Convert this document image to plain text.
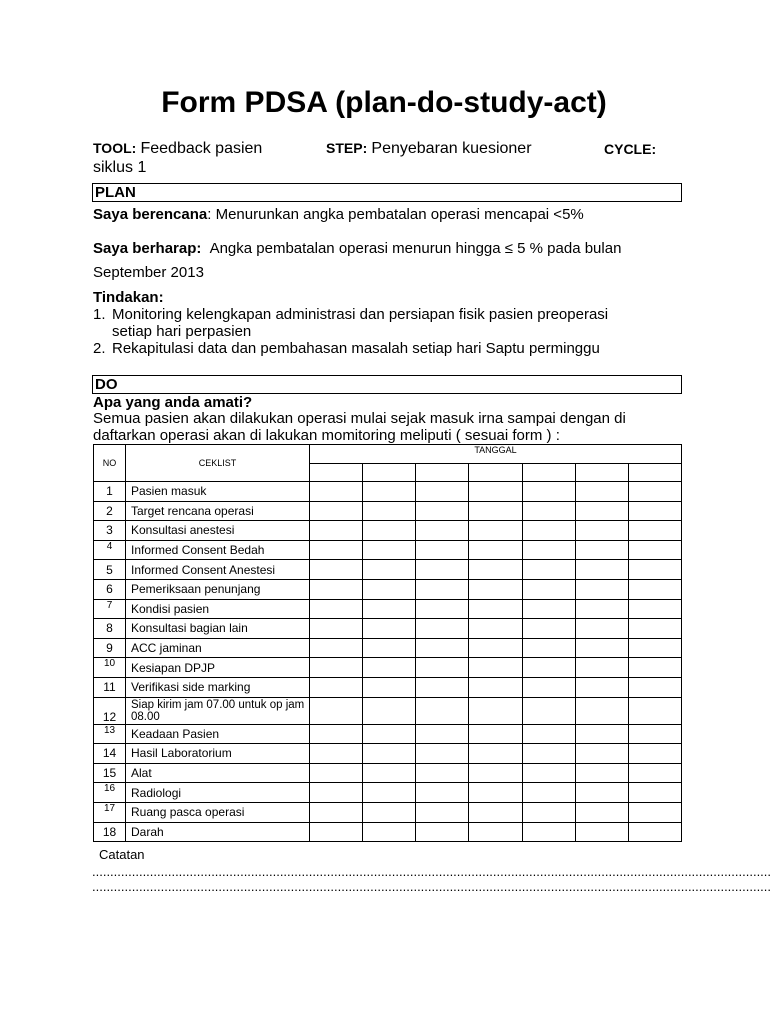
Form PDSA (plan-do-study-act)
TOOL: Feedback pasien	STEP: Penyebaran kuesioner	CYCLE:
siklus 1
PLAN
Saya berencana: Menurunkan angka pembatalan operasi mencapai <5%
Saya berharap: Angka pembatalan operasi menurun hingga ≤ 5 % pada bulan
September 2013
Tindakan:
1. Monitoring kelengkapan administrasi dan persiapan fisik pasien preoperasi
setiap hari perpasien
2. Rekapitulasi data dan pembahasan masalah setiap hari Saptu perminggu
DO
Apa yang anda amati?
Semua pasien akan dilakukan operasi mulai sejak masuk irna sampai dengan di
daftarkan operasi akan di lakukan momitoring meliputi ( sesuai form ) :
NO	CEKLIST	TANGGAL						

1	Pasien masuk							
2	Target rencana operasi							
3	Konsultasi anestesi							
4	Informed Consent Bedah							
5	Informed Consent Anestesi							
6	Pemeriksaan penunjang							
7	Kondisi pasien							
8	Konsultasi bagian lain							
9	ACC jaminan							
10	Kesiapan DPJP							
11	Verifikasi side marking							
12	Siap kirim jam 07.00 untuk op jam 08.00							
13	Keadaan Pasien							
14	Hasil Laboratorium							
15	Alat							
16	Radiologi							
17	Ruang pasca operasi							
18	Darah							
Catatan
............................................................................................................................................................................................
............................................................................................................................................................................................
